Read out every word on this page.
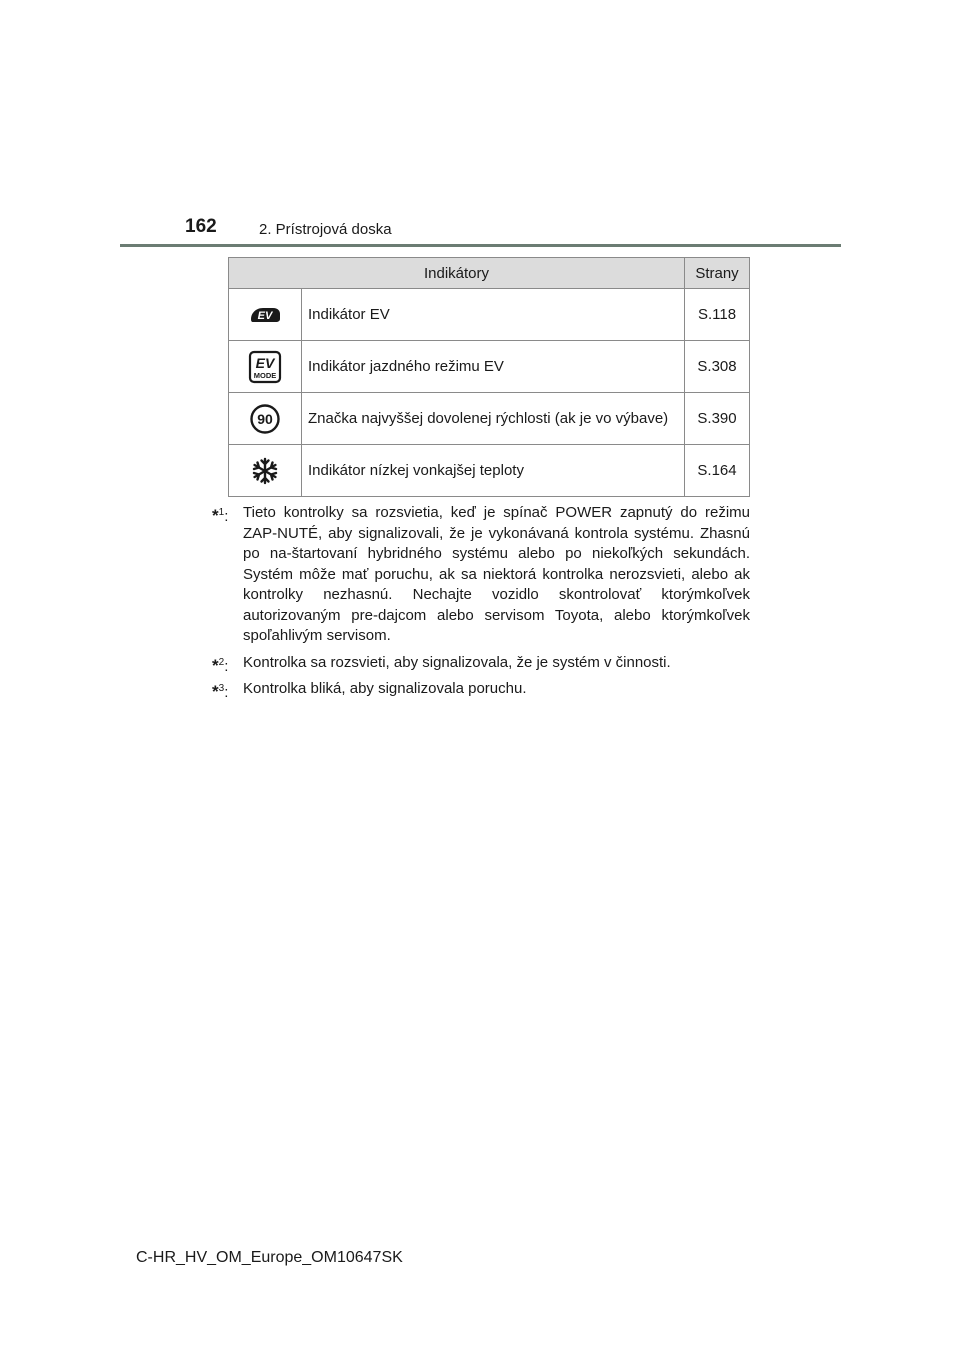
162	2. Prístrojová doska
Indikátory		Strany

EV	Indikátor EV	S.118

EV
MODE	Indikátor jazdného režimu EV	S.308

90	Značka najvyššej dovolenej rýchlosti (ak je vo výbave)	S.390
	Indikátor nízkej vonkajšej teploty	S.164
*$^1$: Tieto kontrolky sa rozsvietia, keď je spínač POWER zapnutý do režimu ZAP-NUTÉ, aby signalizovali, že je vykonávaná kontrola systému. Zhasnú po na-štartovaní hybridného systému alebo po niekoľkých sekundách. Systém môže mať poruchu, ak sa niektorá kontrolka nerozsvieti, alebo ak kontrolky nezhasnú. Nechajte vozidlo skontrolovať ktorýmkoľvek autorizovaným pre-dajcom alebo servisom Toyota, alebo ktorýmkoľvek spoľahlivým servisom.
*$^2$: Kontrolka sa rozsvieti, aby signalizovala, že je systém v činnosti.
*$^3$: Kontrolka bliká, aby signalizovala poruchu.
C-HR_HV_OM_Europe_OM10647SK
